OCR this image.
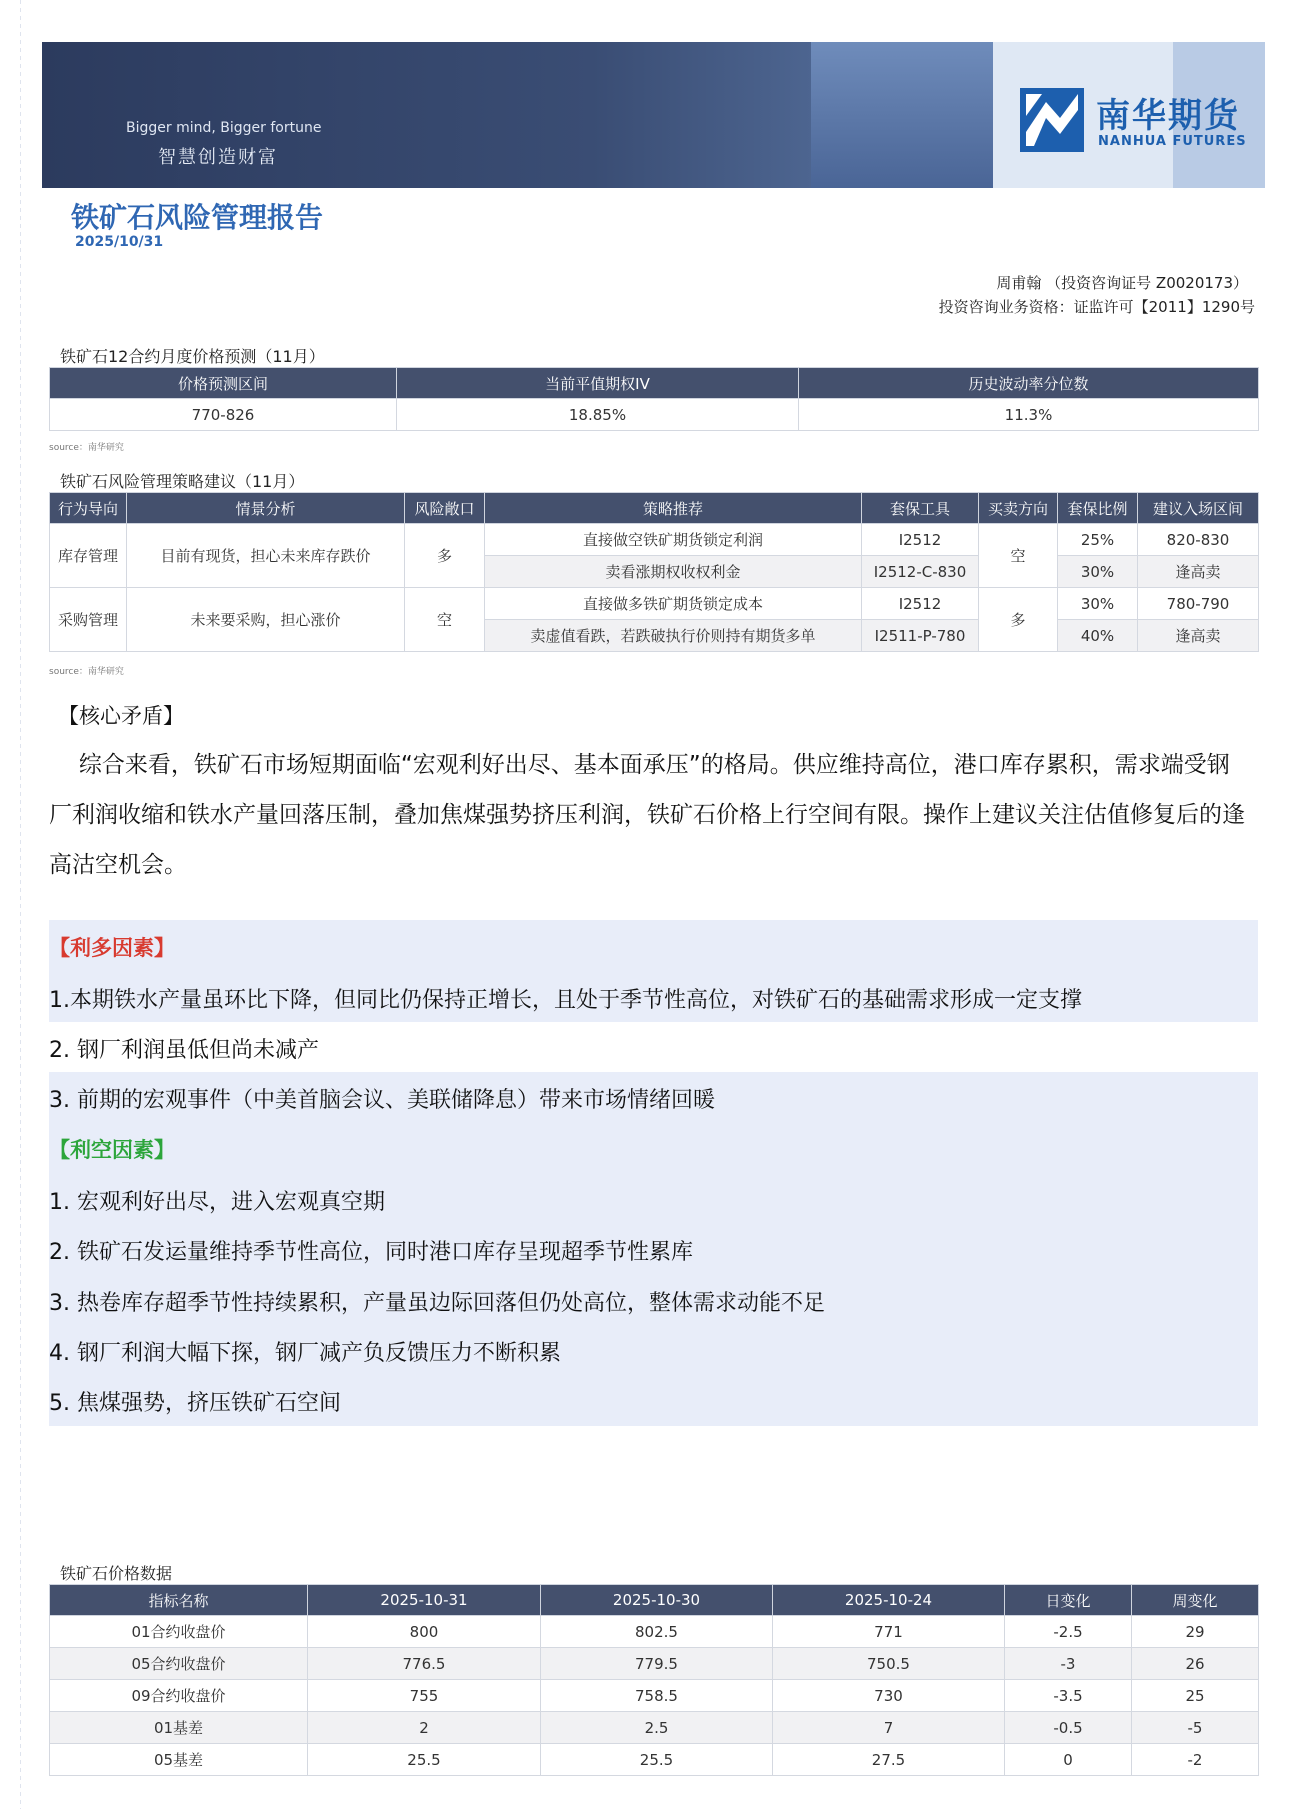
Bigger mind, Bigger fortune
智慧创造财富
南华期货
NANHUA FUTURES
铁矿石风险管理报告
2025/10/31
周甫翰 （投资咨询证号 Z0020173）
投资咨询业务资格：证监许可【2011】1290号
铁矿石12合约月度价格预测（11月）
价格预测区间	当前平值期权IV	历史波动率分位数
770-826	18.85%	11.3%
source：南华研究
铁矿石风险管理策略建议（11月）
行为导向	情景分析	风险敞口	策略推荐	套保工具	买卖方向	套保比例	建议入场区间
库存管理	目前有现货，担心未来库存跌价	多	直接做空铁矿期货锁定利润	I2512	空	25%	820-830
			卖看涨期权收权利金	I2512-C-830		30%	逢高卖
采购管理	未来要采购，担心涨价	空	直接做多铁矿期货锁定成本	I2512	多	30%	780-790
			卖虚值看跌，若跌破执行价则持有期货多单	I2511-P-780		40%	逢高卖
source：南华研究
【核心矛盾】
综合来看，铁矿石市场短期面临“宏观利好出尽、基本面承压”的格局。供应维持高位，港口库存累积，需求端受钢厂利润收缩和铁水产量回落压制，叠加焦煤强势挤压利润，铁矿石价格上行空间有限。操作上建议关注估值修复后的逢高沽空机会。
【利多因素】
1.本期铁水产量虽环比下降，但同比仍保持正增长，且处于季节性高位，对铁矿石的基础需求形成一定支撑
2. 钢厂利润虽低但尚未减产
3. 前期的宏观事件（中美首脑会议、美联储降息）带来市场情绪回暖
【利空因素】
1. 宏观利好出尽，进入宏观真空期
2. 铁矿石发运量维持季节性高位，同时港口库存呈现超季节性累库
3. 热卷库存超季节性持续累积，产量虽边际回落但仍处高位，整体需求动能不足
4. 钢厂利润大幅下探，钢厂减产负反馈压力不断积累
5. 焦煤强势，挤压铁矿石空间
铁矿石价格数据
指标名称	2025-10-31	2025-10-30	2025-10-24	日变化	周变化
01合约收盘价	800	802.5	771	-2.5	29
05合约收盘价	776.5	779.5	750.5	-3	26
09合约收盘价	755	758.5	730	-3.5	25
01基差	2	2.5	7	-0.5	-5
05基差	25.5	25.5	27.5	0	-2
